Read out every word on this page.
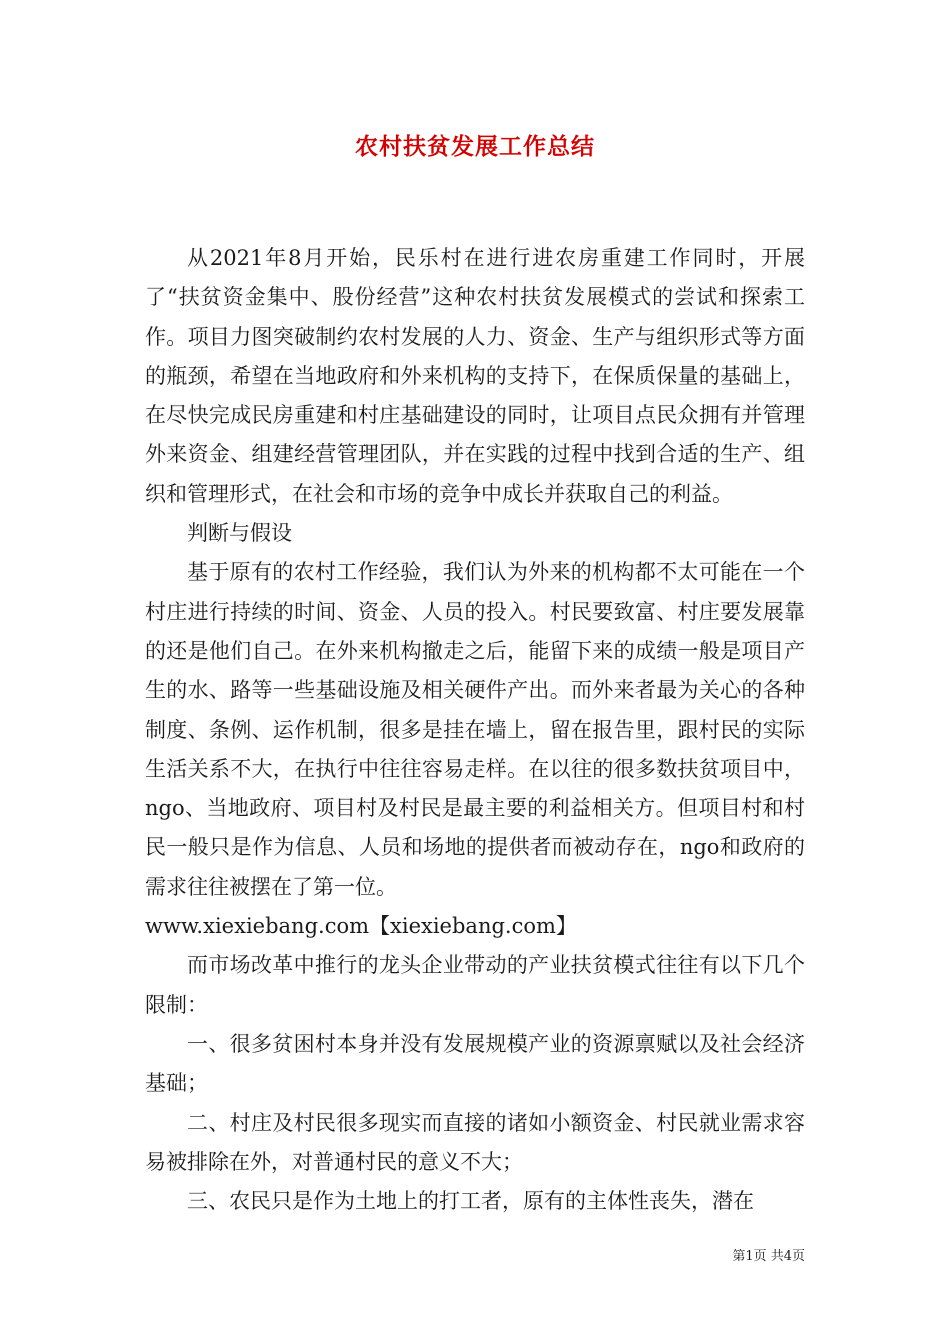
农村扶贫发展工作总结

从2021年8月开始，民乐村在进行进农房重建工作同时，开展了“扶贫资金集中、股份经营”这种农村扶贫发展模式的尝试和探索工作。项目力图突破制约农村发展的人力、资金、生产与组织形式等方面的瓶颈，希望在当地政府和外来机构的支持下，在保质保量的基础上，在尽快完成民房重建和村庄基础建设的同时，让项目点民众拥有并管理外来资金、组建经营管理团队，并在实践的过程中找到合适的生产、组织和管理形式，在社会和市场的竞争中成长并获取自己的利益。

判断与假设

基于原有的农村工作经验，我们认为外来的机构都不太可能在一个村庄进行持续的时间、资金、人员的投入。村民要致富、村庄要发展靠的还是他们自己。在外来机构撤走之后，能留下来的成绩一般是项目产生的水、路等一些基础设施及相关硬件产出。而外来者最为关心的各种制度、条例、运作机制，很多是挂在墙上，留在报告里，跟村民的实际生活关系不大，在执行中往往容易走样。在以往的很多数扶贫项目中，ngo、当地政府、项目村及村民是最主要的利益相关方。但项目村和村民一般只是作为信息、人员和场地的提供者而被动存在，ngo和政府的需求往往被摆在了第一位。

www.xiexiebang.com【xiexiebang.com】

而市场改革中推行的龙头企业带动的产业扶贫模式往往有以下几个限制：

一、很多贫困村本身并没有发展规模产业的资源禀赋以及社会经济基础；

二、村庄及村民很多现实而直接的诸如小额资金、村民就业需求容易被排除在外，对普通村民的意义不大；

三、农民只是作为土地上的打工者，原有的主体性丧失，潜在

第1页 共4页
